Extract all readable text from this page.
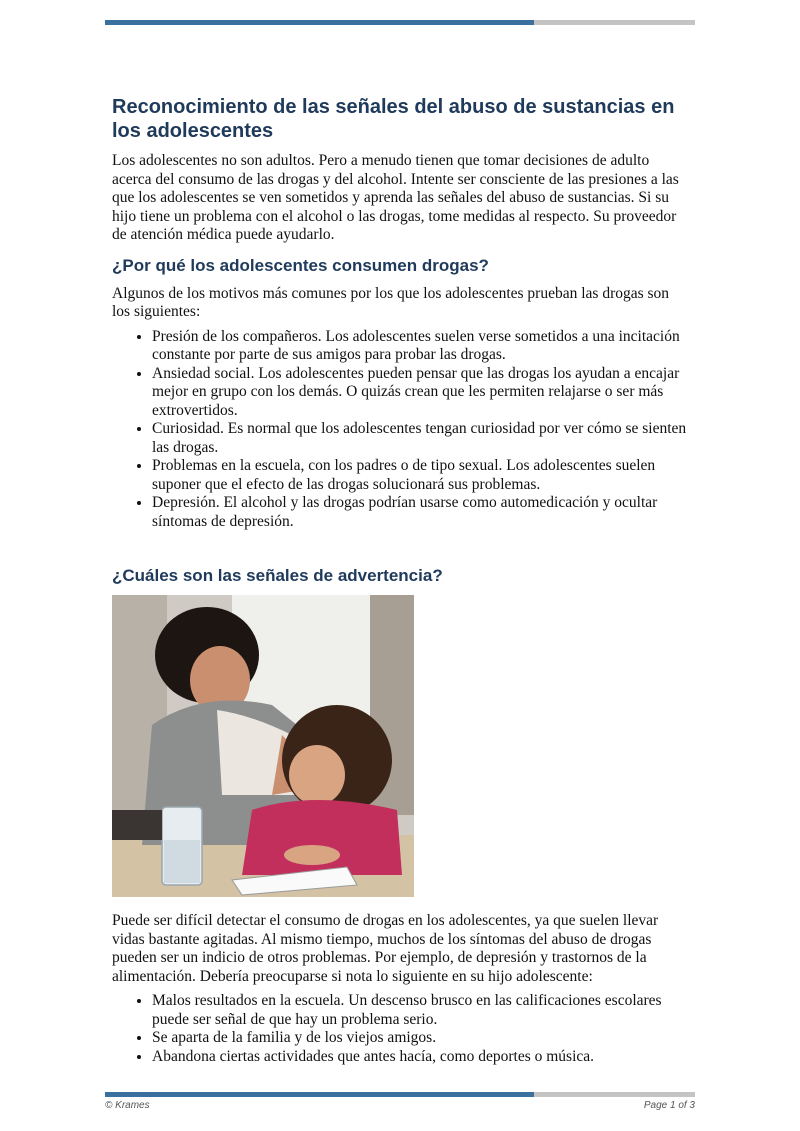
Reconocimiento de las señales del abuso de sustancias en los adolescentes

Los adolescentes no son adultos. Pero a menudo tienen que tomar decisiones de adulto acerca del consumo de las drogas y del alcohol. Intente ser consciente de las presiones a las que los adolescentes se ven sometidos y aprenda las señales del abuso de sustancias. Si su hijo tiene un problema con el alcohol o las drogas, tome medidas al respecto. Su proveedor de atención médica puede ayudarlo.

¿Por qué los adolescentes consumen drogas?

Algunos de los motivos más comunes por los que los adolescentes prueban las drogas son los siguientes:

• Presión de los compañeros. Los adolescentes suelen verse sometidos a una incitación constante por parte de sus amigos para probar las drogas.
• Ansiedad social. Los adolescentes pueden pensar que las drogas los ayudan a encajar mejor en grupo con los demás. O quizás crean que les permiten relajarse o ser más extrovertidos.
• Curiosidad. Es normal que los adolescentes tengan curiosidad por ver cómo se sienten las drogas.
• Problemas en la escuela, con los padres o de tipo sexual. Los adolescentes suelen suponer que el efecto de las drogas solucionará sus problemas.
• Depresión. El alcohol y las drogas podrían usarse como automedicación y ocultar síntomas de depresión.
¿Cuáles son las señales de advertencia?

Puede ser difícil detectar el consumo de drogas en los adolescentes, ya que suelen llevar vidas bastante agitadas. Al mismo tiempo, muchos de los síntomas del abuso de drogas pueden ser un indicio de otros problemas. Por ejemplo, de depresión y trastornos de la alimentación. Debería preocuparse si nota lo siguiente en su hijo adolescente:

• Malos resultados en la escuela. Un descenso brusco en las calificaciones escolares puede ser señal de que hay un problema serio.
• Se aparta de la familia y de los viejos amigos.
• Abandona ciertas actividades que antes hacía, como deportes o música.
© Krames	Page 1 of 3
